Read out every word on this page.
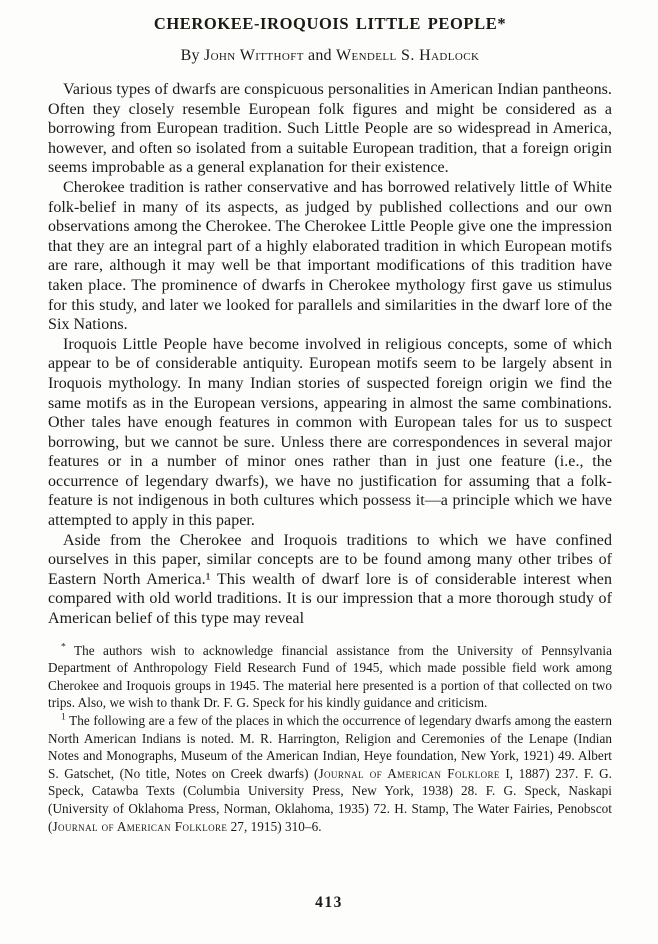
CHEROKEE-IROQUOIS LITTLE PEOPLE*
By John Witthoft and Wendell S. Hadlock

Various types of dwarfs are conspicuous personalities in American Indian pantheons. Often they closely resemble European folk figures and might be considered as a borrowing from European tradition. Such Little People are so widespread in America, however, and often so isolated from a suitable European tradition, that a foreign origin seems improbable as a general explanation for their existence.

Cherokee tradition is rather conservative and has borrowed relatively little of White folk-belief in many of its aspects, as judged by published collections and our own observations among the Cherokee. The Cherokee Little People give one the impression that they are an integral part of a highly elaborated tradition in which European motifs are rare, although it may well be that important modifications of this tradition have taken place. The prominence of dwarfs in Cherokee mythology first gave us stimulus for this study, and later we looked for parallels and similarities in the dwarf lore of the Six Nations.

Iroquois Little People have become involved in religious concepts, some of which appear to be of considerable antiquity. European motifs seem to be largely absent in Iroquois mythology. In many Indian stories of suspected foreign origin we find the same motifs as in the European versions, appearing in almost the same combinations. Other tales have enough features in common with European tales for us to suspect borrowing, but we cannot be sure. Unless there are correspondences in several major features or in a number of minor ones rather than in just one feature (i.e., the occurrence of legendary dwarfs), we have no justification for assuming that a folk-feature is not indigenous in both cultures which possess it—a principle which we have attempted to apply in this paper.

Aside from the Cherokee and Iroquois traditions to which we have confined ourselves in this paper, similar concepts are to be found among many other tribes of Eastern North America.¹ This wealth of dwarf lore is of considerable interest when compared with old world traditions. It is our impression that a more thorough study of American belief of this type may reveal

* The authors wish to acknowledge financial assistance from the University of Pennsylvania Department of Anthropology Field Research Fund of 1945, which made possible field work among Cherokee and Iroquois groups in 1945. The material here presented is a portion of that collected on two trips. Also, we wish to thank Dr. F. G. Speck for his kindly guidance and criticism.

$^1$ The following are a few of the places in which the occurrence of legendary dwarfs among the eastern North American Indians is noted. M. R. Harrington, Religion and Ceremonies of the Lenape (Indian Notes and Monographs, Museum of the American Indian, Heye foundation, New York, 1921) 49. Albert S. Gatschet, (No title, Notes on Creek dwarfs) (Journal of American Folklore I, 1887) 237. F. G. Speck, Catawba Texts (Columbia University Press, New York, 1938) 28. F. G. Speck, Naskapi (University of Oklahoma Press, Norman, Oklahoma, 1935) 72. H. Stamp, The Water Fairies, Penobscot (Journal of American Folklore 27, 1915) 310–6.

413
